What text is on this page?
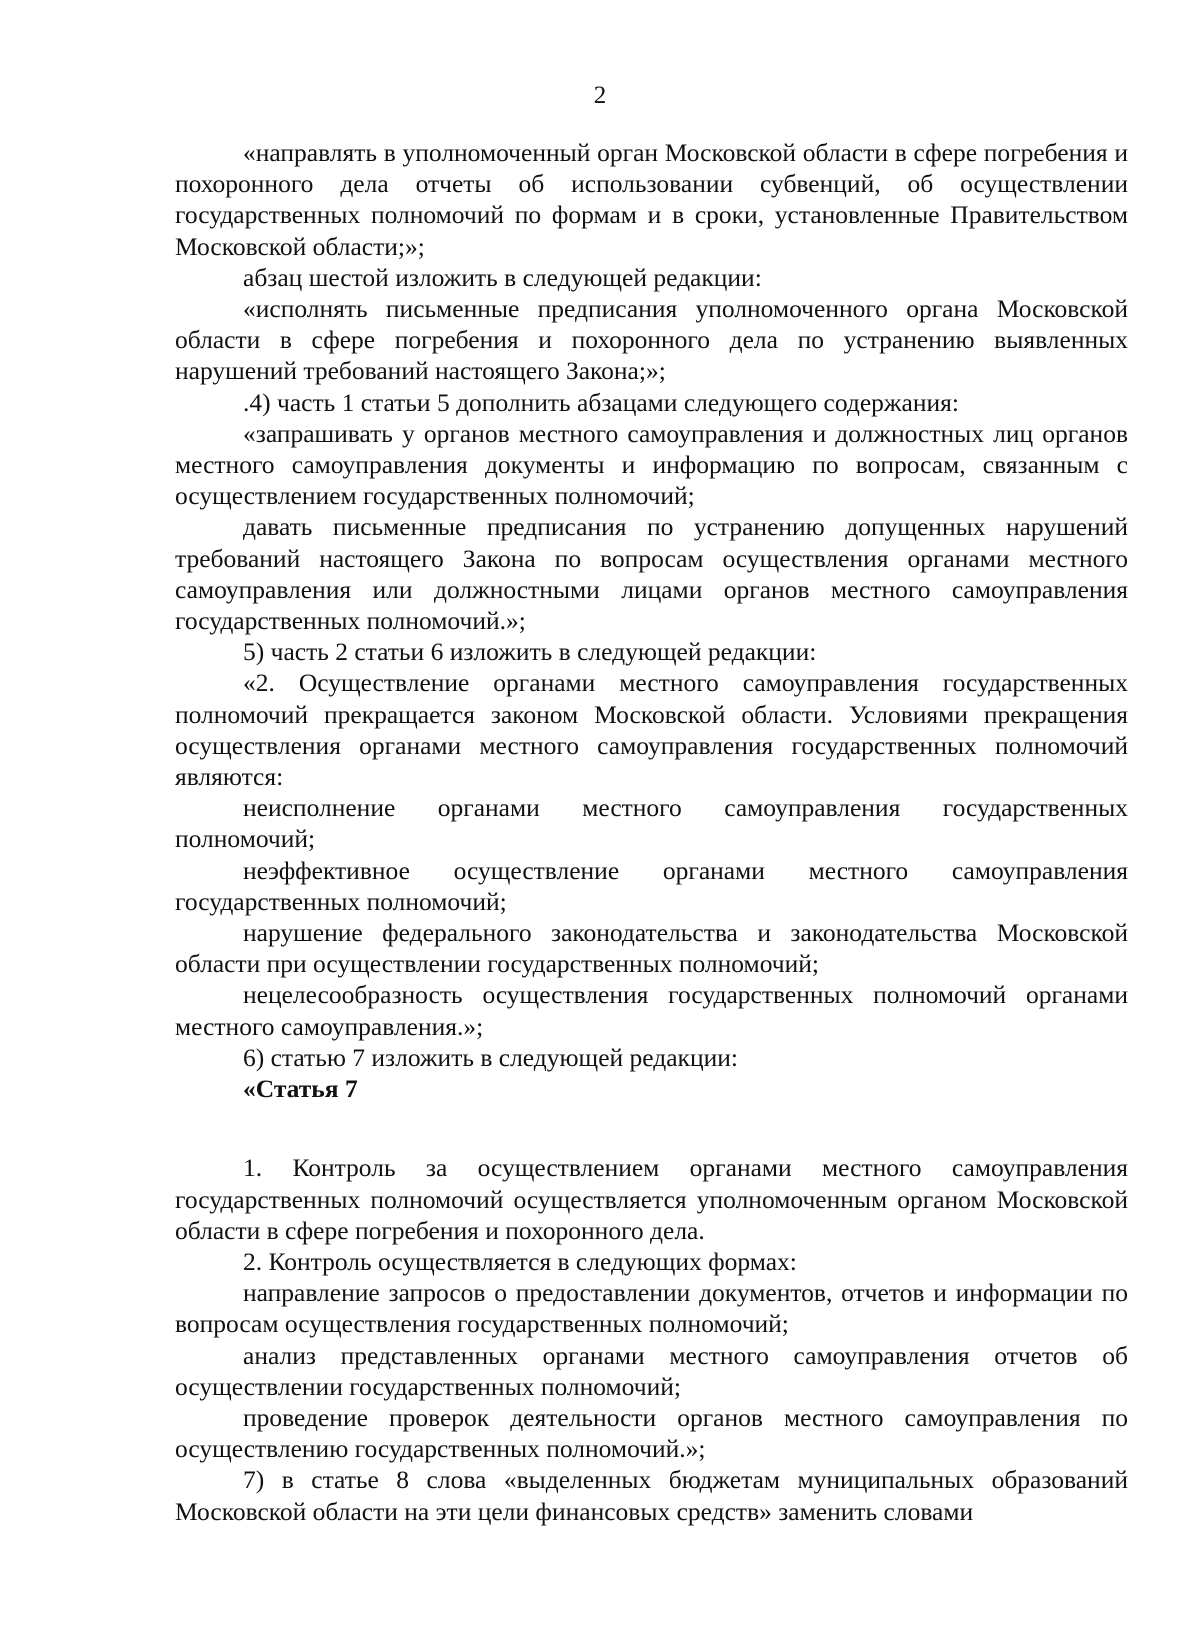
2

«направлять в уполномоченный орган Московской области в сфере погребения и похоронного дела отчеты об использовании субвенций, об осуществлении государственных полномочий по формам и в сроки, установленные Правительством Московской области;»;

абзац шестой изложить в следующей редакции:

«исполнять письменные предписания уполномоченного органа Московской области в сфере погребения и похоронного дела по устранению выявленных нарушений требований настоящего Закона;»;

.4) часть 1 статьи 5 дополнить абзацами следующего содержания:

«запрашивать у органов местного самоуправления и должностных лиц органов местного самоуправления документы и информацию по вопросам, связанным с осуществлением государственных полномочий;

давать письменные предписания по устранению допущенных нарушений требований настоящего Закона по вопросам осуществления органами местного самоуправления или должностными лицами органов местного самоуправления государственных полномочий.»;

5) часть 2 статьи 6 изложить в следующей редакции:

«2. Осуществление органами местного самоуправления государственных полномочий прекращается законом Московской области. Условиями прекращения осуществления органами местного самоуправления государственных полномочий являются:

неисполнение органами местного самоуправления государственных полномочий;

неэффективное осуществление органами местного самоуправления государственных полномочий;

нарушение федерального законодательства и законодательства Московской области при осуществлении государственных полномочий;

нецелесообразность осуществления государственных полномочий органами местного самоуправления.»;

6) статью 7 изложить в следующей редакции:

«Статья 7

1. Контроль за осуществлением органами местного самоуправления государственных полномочий осуществляется уполномоченным органом Московской области в сфере погребения и похоронного дела.

2. Контроль осуществляется в следующих формах:

направление запросов о предоставлении документов, отчетов и информации по вопросам осуществления государственных полномочий;

анализ представленных органами местного самоуправления отчетов об осуществлении государственных полномочий;

проведение проверок деятельности органов местного самоуправления по осуществлению государственных полномочий.»;

7) в статье 8 слова «выделенных бюджетам муниципальных образований Московской области на эти цели финансовых средств» заменить словами
